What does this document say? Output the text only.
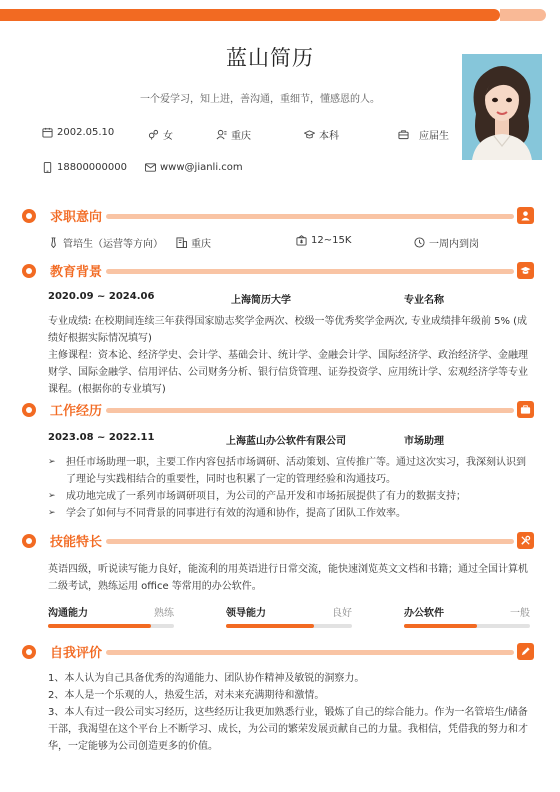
蓝山简历
一个爱学习，知上进，善沟通，重细节，懂感恩的人。
2002.05.10	女	重庆	本科	应届生
18800000000	www@jianli.com
求职意向
管培生（运营等方向）	重庆	12~15K	一周内到岗
教育背景
2020.09 ~ 2024.06	上海简历大学	专业名称
专业成绩: 在校期间连续三年获得国家励志奖学金两次、校级一等优秀奖学金两次, 专业成绩排年级前 5% (成绩好根据实际情况填写)
主修课程：资本论、经济学史、会计学、基础会计、统计学、金融会计学、国际经济学、政治经济学、金融理财学、国际金融学、信用评估、公司财务分析、银行信贷管理、证券投资学、应用统计学、宏观经济学等专业课程。(根据你的专业填写)
工作经历
2023.08 ~ 2022.11	上海蓝山办公软件有限公司	市场助理
➢ 担任市场助理一职，主要工作内容包括市场调研、活动策划、宣传推广等。通过这次实习，我深刻认识到了理论与实践相结合的重要性，同时也积累了一定的管理经验和沟通技巧。
➢ 成功地完成了一系列市场调研项目，为公司的产品开发和市场拓展提供了有力的数据支持；
➢ 学会了如何与不同背景的同事进行有效的沟通和协作，提高了团队工作效率。
技能特长
英语四级，听说读写能力良好，能流利的用英语进行日常交流，能快速浏览英文文档和书籍；通过全国计算机二级考试，熟练运用 office 等常用的办公软件。
沟通能力	熟练	领导能力	良好	办公软件	一般
自我评价
1、本人认为自己具备优秀的沟通能力、团队协作精神及敏锐的洞察力。
2、本人是一个乐观的人，热爱生活，对未来充满期待和激情。
3、本人有过一段公司实习经历，这些经历让我更加熟悉行业，锻炼了自己的综合能力。作为一名管培生/储备干部，我渴望在这个平台上不断学习、成长，为公司的繁荣发展贡献自己的力量。我相信，凭借我的努力和才华，一定能够为公司创造更多的价值。
